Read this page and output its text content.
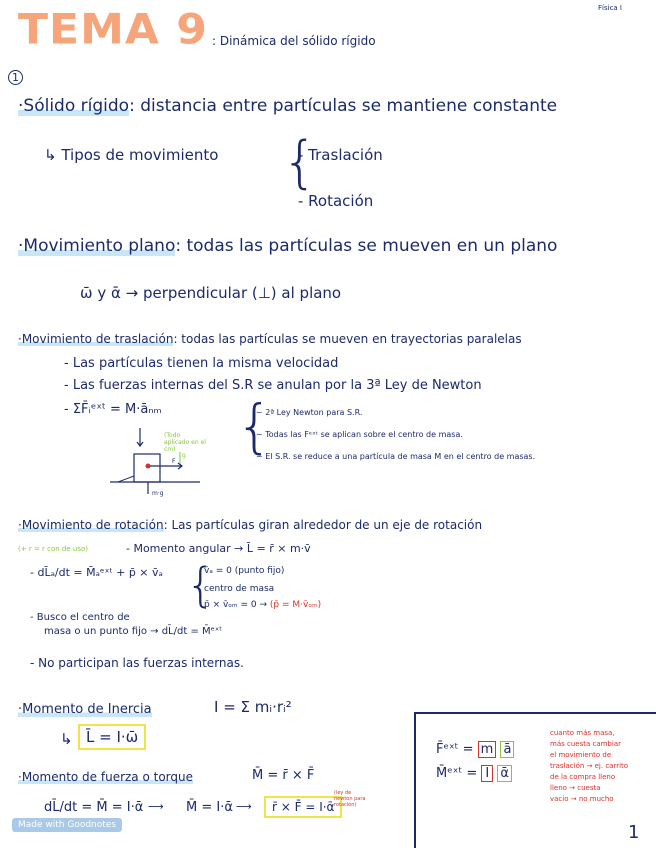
TEMA 9 : Dinámica del sólido rígido
Física I
1
·Sólido rígido: distancia entre partículas se mantiene constante
↳ Tipos de movimiento {
- Traslación
- Rotación
·Movimiento plano: todas las partículas se mueven en un plano
ω̄ y ᾱ → perpendicular (⊥) al plano
·Movimiento de traslación: todas las partículas se mueven en trayectorias paralelas
- Las partículas tienen la misma velocidad
- Las fuerzas internas del S.R se anulan por la 3ª Ley de Newton
- ΣF̄ᵢᵉˣᵗ = M·āₙₘ {
~ 2ª Ley Newton para S.R.
~ Todas las Fᵉˣᵗ se aplican sobre el centro de masa.
~ El S.R. se reduce a una partícula de masa M en el centro de masas.
(Todo aplicado en el cm)
g
F
m·g
·Movimiento de rotación: Las partículas giran alrededor de un eje de rotación
(+ r = r con de uso)	- Momento angular → L̄ = r̄ × m·v̄
- dL̄ₐ/dt = M̄ₐᵉˣᵗ + p̄ × v̄ₐ {
v̄ₐ = 0 (punto fijo)
centro de masa
p̄ × v̄ₒₘ = 0 → (p̄ = M·v̄ₒₘ)
- Busco el centro de
masa o un punto fijo → dL̄/dt = M̄ᵉˣᵗ
- No participan las fuerzas internas.
·Momento de Inercia	I = Σ mᵢ·rᵢ²
↳ L̄ = I·ω̄
·Momento de fuerza o torque	M̄ = r̄ × F̄
dL̄/dt = M̄ = I·ᾱ ⟶ M̄ = I·ᾱ ⟶	r̄ × F̄ = I·ᾱ
(ley de newton para rotación)
F̄ᵉˣᵗ = m ā
M̄ᵉˣᵗ = I ᾱ
cuanto más masa,
más cuesta cambiar
el movimiento de
traslación → ej. carrito
de la compra lleno
lleno → cuesta
vacío → no mucho
1
Made with Goodnotes
